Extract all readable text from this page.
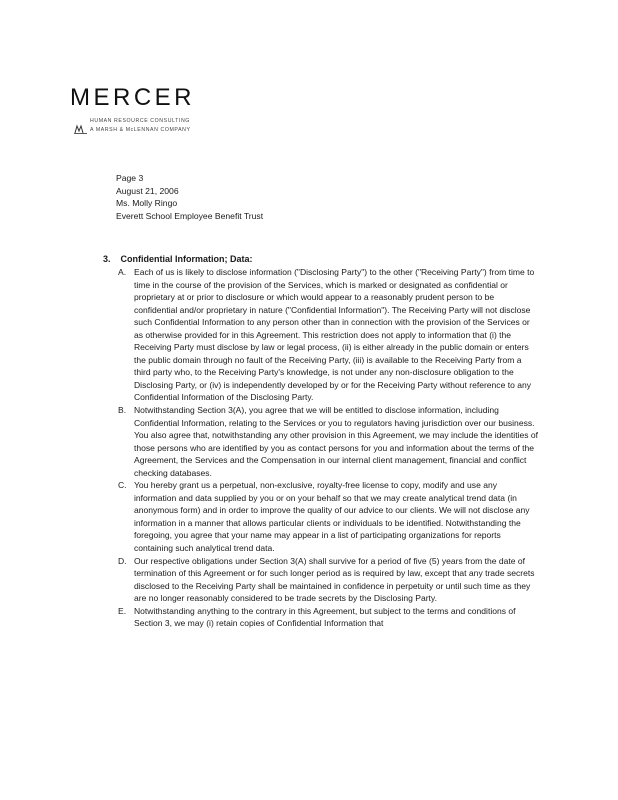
MERCER
HUMAN RESOURCE CONSULTING
A MARSH & McLENNAN COMPANY
Page 3
August 21, 2006
Ms. Molly Ringo
Everett School Employee Benefit Trust
3. Confidential Information; Data:

A. Each of us is likely to disclose information ("Disclosing Party") to the other ("Receiving Party") from time to time in the course of the provision of the Services, which is marked or designated as confidential or proprietary at or prior to disclosure or which would appear to a reasonably prudent person to be confidential and/or proprietary in nature ("Confidential Information"). The Receiving Party will not disclose such Confidential Information to any person other than in connection with the provision of the Services or as otherwise provided for in this Agreement. This restriction does not apply to information that (i) the Receiving Party must disclose by law or legal process, (ii) is either already in the public domain or enters the public domain through no fault of the Receiving Party, (iii) is available to the Receiving Party from a third party who, to the Receiving Party's knowledge, is not under any non-disclosure obligation to the Disclosing Party, or (iv) is independently developed by or for the Receiving Party without reference to any Confidential Information of the Disclosing Party.

B. Notwithstanding Section 3(A), you agree that we will be entitled to disclose information, including Confidential Information, relating to the Services or you to regulators having jurisdiction over our business. You also agree that, notwithstanding any other provision in this Agreement, we may include the identities of those persons who are identified by you as contact persons for you and information about the terms of the Agreement, the Services and the Compensation in our internal client management, financial and conflict checking databases.

C. You hereby grant us a perpetual, non-exclusive, royalty-free license to copy, modify and use any information and data supplied by you or on your behalf so that we may create analytical trend data (in anonymous form) and in order to improve the quality of our advice to our clients. We will not disclose any information in a manner that allows particular clients or individuals to be identified. Notwithstanding the foregoing, you agree that your name may appear in a list of participating organizations for reports containing such analytical trend data.

D. Our respective obligations under Section 3(A) shall survive for a period of five (5) years from the date of termination of this Agreement or for such longer period as is required by law, except that any trade secrets disclosed to the Receiving Party shall be maintained in confidence in perpetuity or until such time as they are no longer reasonably considered to be trade secrets by the Disclosing Party.

E. Notwithstanding anything to the contrary in this Agreement, but subject to the terms and conditions of Section 3, we may (i) retain copies of Confidential Information that
